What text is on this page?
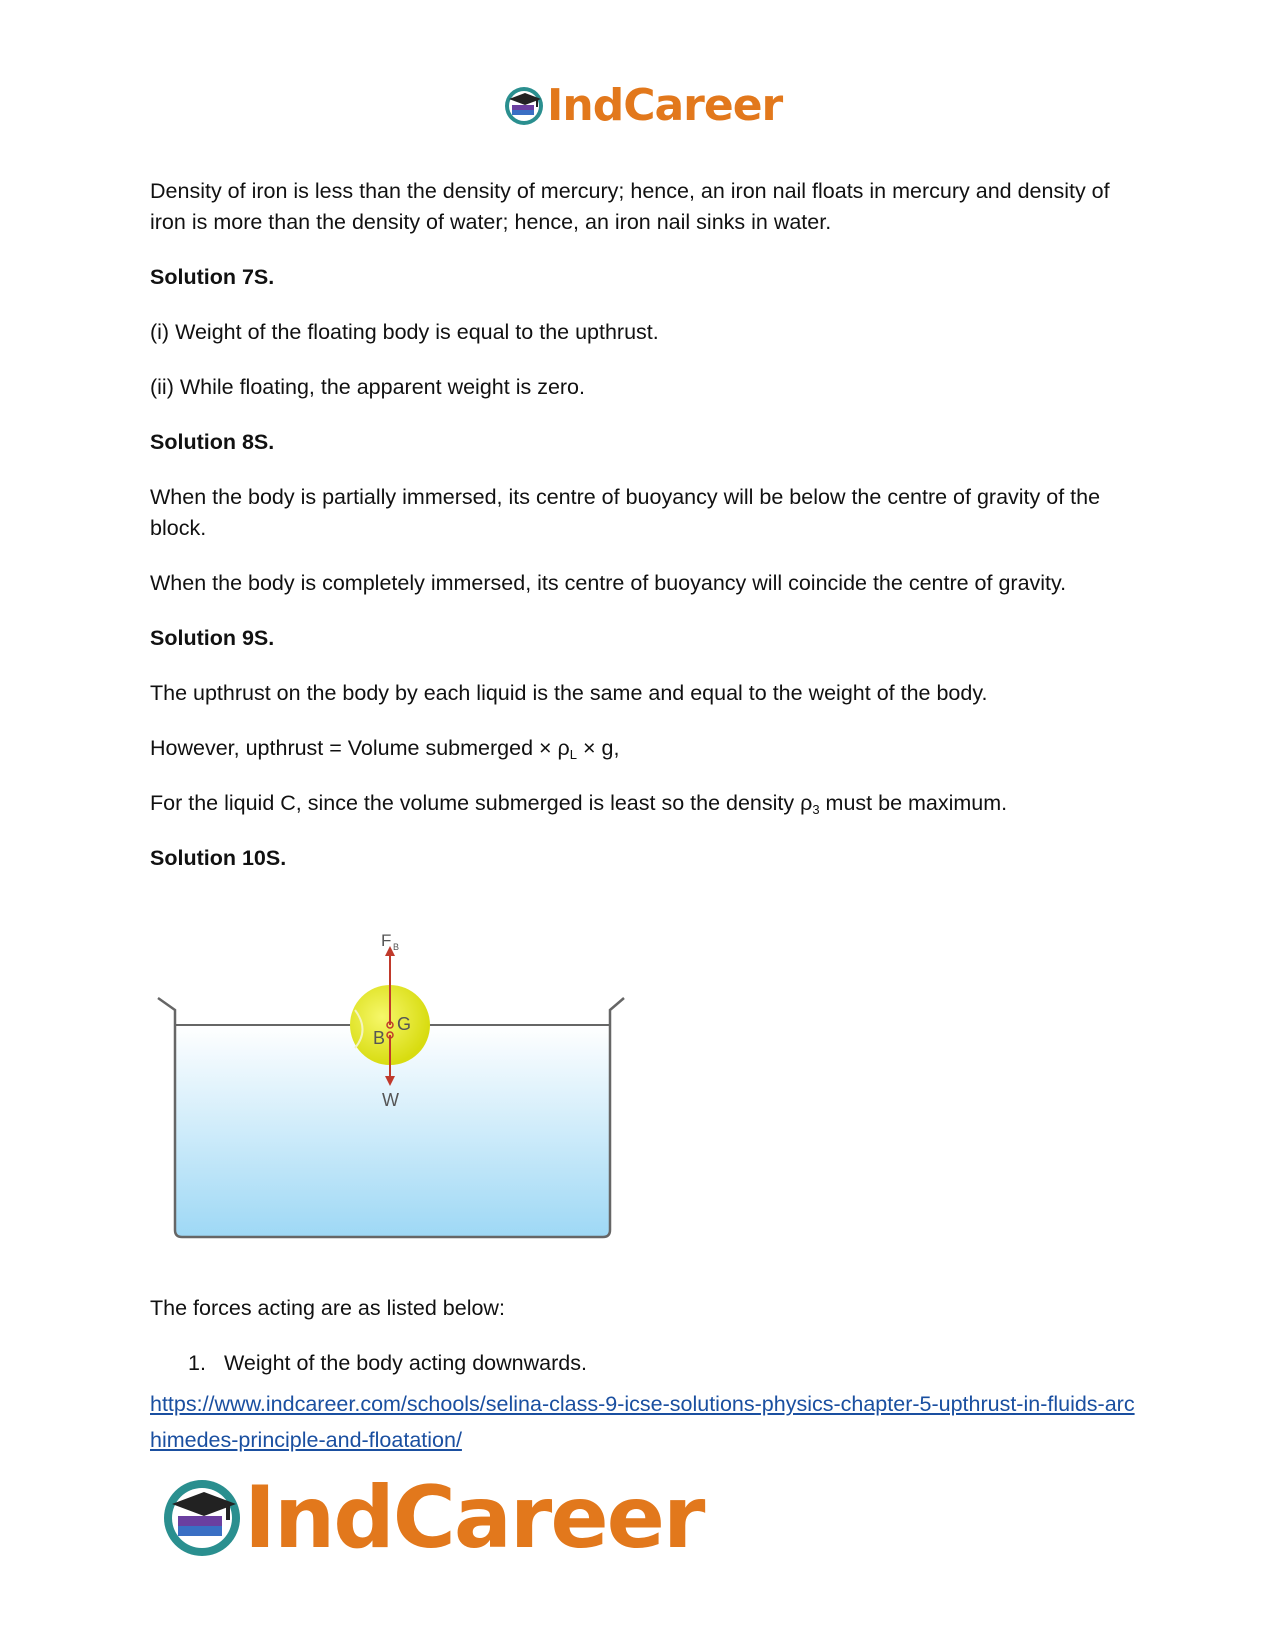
IndCareer

Density of iron is less than the density of mercury; hence, an iron nail floats in mercury and density of iron is more than the density of water; hence, an iron nail sinks in water.

Solution 7S.

(i) Weight of the floating body is equal to the upthrust.

(ii) While floating, the apparent weight is zero.

Solution 8S.

When the body is partially immersed, its centre of buoyancy will be below the centre of gravity of the block.

When the body is completely immersed, its centre of buoyancy will coincide the centre of gravity.

Solution 9S.

The upthrust on the body by each liquid is the same and equal to the weight of the body.

However, upthrust = Volume submerged × $\rho_L \times g$,

For the liquid C, since the volume submerged is least so the density $\rho_3$ must be maximum.

Solution 10S.

F B
G
B
W

The forces acting are as listed below:

1. Weight of the body acting downwards.
https://www.indcareer.com/schools/selina-class-9-icse-solutions-physics-chapter-5-upthrust-in-fluids-archimedes-principle-and-floatation/
IndCareer
